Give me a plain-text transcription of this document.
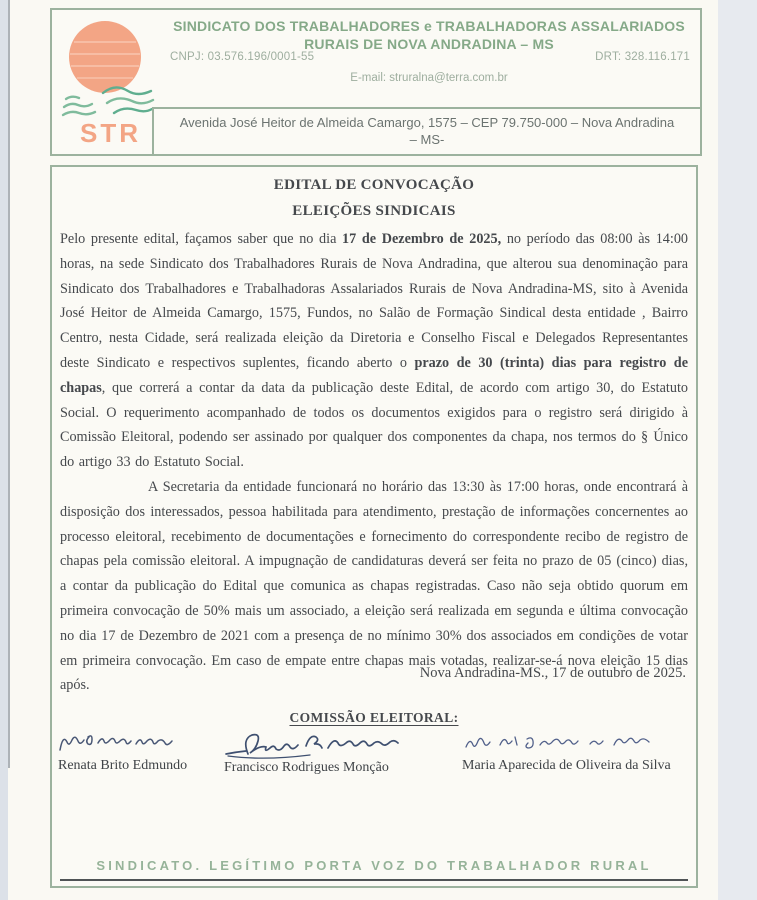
STR
SINDICATO DOS TRABALHADORES e TRABALHADORAS ASSALARIADOS
RURAIS DE NOVA ANDRADINA – MS
CNPJ: 03.576.196/0001-55	DRT: 328.116.171
E-mail: struralna@terra.com.br
Avenida José Heitor de Almeida Camargo, 1575 – CEP 79.750-000 – Nova Andradina
– MS-
EDITAL DE CONVOCAÇÃO
ELEIÇÕES SINDICAIS

Pelo presente edital, façamos saber que no dia 17 de Dezembro de 2025, no período das 08:00 às 14:00 horas, na sede Sindicato dos Trabalhadores Rurais de Nova Andradina, que alterou sua denominação para Sindicato dos Trabalhadores e Trabalhadoras Assalariados Rurais de Nova Andradina-MS, sito à Avenida José Heitor de Almeida Camargo, 1575, Fundos, no Salão de Formação Sindical desta entidade , Bairro Centro, nesta Cidade, será realizada eleição da Diretoria e Conselho Fiscal e Delegados Representantes deste Sindicato e respectivos suplentes, ficando aberto o prazo de 30 (trinta) dias para registro de chapas, que correrá a contar da data da publicação deste Edital, de acordo com artigo 30, do Estatuto Social. O requerimento acompanhado de todos os documentos exigidos para o registro será dirigido à Comissão Eleitoral, podendo ser assinado por qualquer dos componentes da chapa, nos termos do § Único do artigo 33 do Estatuto Social.

A Secretaria da entidade funcionará no horário das 13:30 às 17:00 horas, onde encontrará à disposição dos interessados, pessoa habilitada para atendimento, prestação de informações concernentes ao processo eleitoral, recebimento de documentações e fornecimento do correspondente recibo de registro de chapas pela comissão eleitoral. A impugnação de candidaturas deverá ser feita no prazo de 05 (cinco) dias, a contar da publicação do Edital que comunica as chapas registradas. Caso não seja obtido quorum em primeira convocação de 50% mais um associado, a eleição será realizada em segunda e última convocação no dia 17 de Dezembro de 2021 com a presença de no mínimo 30% dos associados em condições de votar em primeira convocação. Em caso de empate entre chapas mais votadas, realizar-se-á nova eleição 15 dias após.

Nova Andradina-MS., 17 de outubro de 2025.
COMISSÃO ELEITORAL:
Renata Brito Edmundo	Francisco Rodrigues Monção	Maria Aparecida de Oliveira da Silva
SINDICATO. LEGÍTIMO PORTA VOZ DO TRABALHADOR RURAL
